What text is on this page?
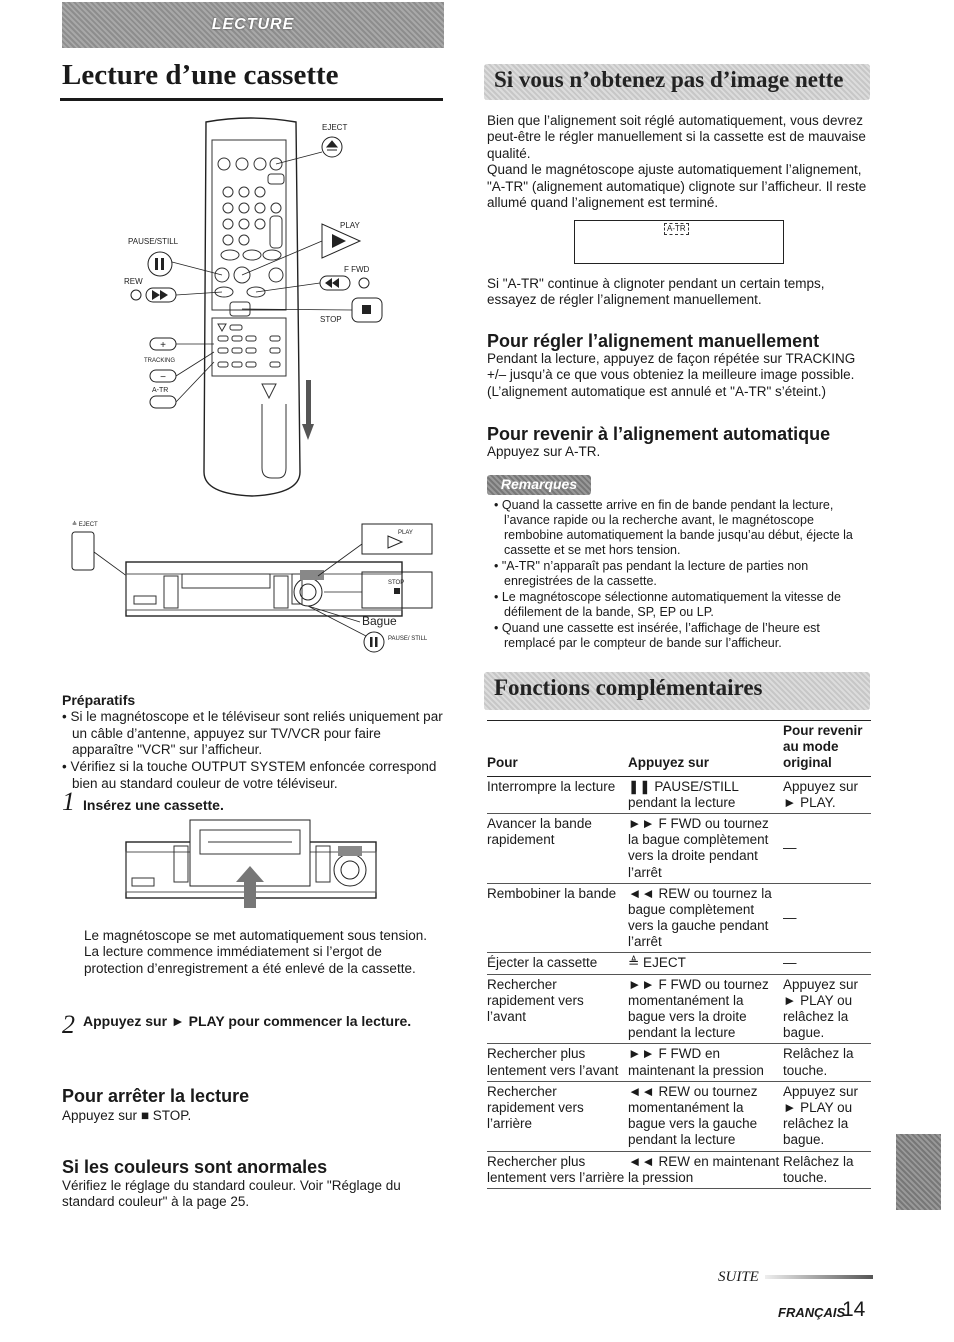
LECTURE
Lecture d’une cassette
+
−
EJECT
PLAY
PAUSE/STILL
REW
F FWD
STOP
TRACKING
A-TR
≜ EJECT
PLAY
STOP
Bague
PAUSE/ STILL
Préparatifs
• Si le magnétoscope et le téléviseur sont reliés uniquement par un câble d’antenne, appuyez sur TV/VCR pour faire apparaître "VCR" sur l’afficheur.
• Vérifiez si la touche OUTPUT SYSTEM enfoncée correspond bien au standard couleur de votre téléviseur.
1 Insérez une cassette.

Le magnétoscope se met automatiquement sous tension.

La lecture commence immédiatement si l’ergot de protection d’enregistrement a été enlevé de la cassette.

2 Appuyez sur ► PLAY pour commencer la lecture.
Pour arrêter la lecture
Appuyez sur ■ STOP.
Si les couleurs sont anormales
Vérifiez le réglage du standard couleur. Voir "Réglage du standard couleur" à la page 25.
Si vous n’obtenez pas d’image nette

Bien que l’alignement soit réglé automatiquement, vous devrez peut-être le régler manuellement si la cassette est de mauvaise qualité.

Quand le magnétoscope ajuste automatiquement l’alignement, "A-TR" (alignement automatique) clignote sur l’afficheur. Il reste allumé quand l’alignement est terminé.

A-TR
Si "A-TR" continue à clignoter pendant un certain temps, essayez de régler l’alignement manuellement.
Pour régler l’alignement manuellement
Pendant la lecture, appuyez de façon répétée sur TRACKING +/– jusqu’à ce que vous obteniez la meilleure image possible. (L’alignement automatique est annulé et "A-TR" s’éteint.)
Pour revenir à l’alignement automatique
Appuyez sur A-TR.
Remarques
• Quand la cassette arrive en fin de bande pendant la lecture, l’avance rapide ou la recherche avant, le magnétoscope rembobine automatiquement la bande jusqu’au début, éjecte la cassette et se met hors tension.
• "A-TR" n’apparaît pas pendant la lecture de parties non enregistrées de la cassette.
• Le magnétoscope sélectionne automatiquement la vitesse de défilement de la bande, SP, EP ou LP.
• Quand une cassette est insérée, l’affichage de l’heure est remplacé par le compteur de bande sur l’afficheur.
Fonctions complémentaires
Pour	Appuyez sur	Pour revenir au mode original
Interrompre la lecture	❚❚ PAUSE/STILL pendant la lecture	Appuyez sur ► PLAY.
Avancer la bande rapidement	►► F FWD ou tournez la bague complètement vers la droite pendant l’arrêt	—
Rembobiner la bande	◄◄ REW ou tournez la bague complètement vers la gauche pendant l’arrêt	—
Éjecter la cassette	≜ EJECT	—
Rechercher rapidement vers l’avant	►► F FWD ou tournez momentanément la bague vers la droite pendant la lecture	Appuyez sur ► PLAY ou relâchez la bague.
Rechercher plus lentement vers l’avant	►► F FWD en maintenant la pression	Relâchez la touche.
Rechercher rapidement vers l’arrière	◄◄ REW ou tournez momentanément la bague vers la gauche pendant la lecture	Appuyez sur ► PLAY ou relâchez la bague.
Rechercher plus lentement vers l’arrière	◄◄ REW en maintenant la pression	Relâchez la touche.
SUITE
FRANÇAIS
14
